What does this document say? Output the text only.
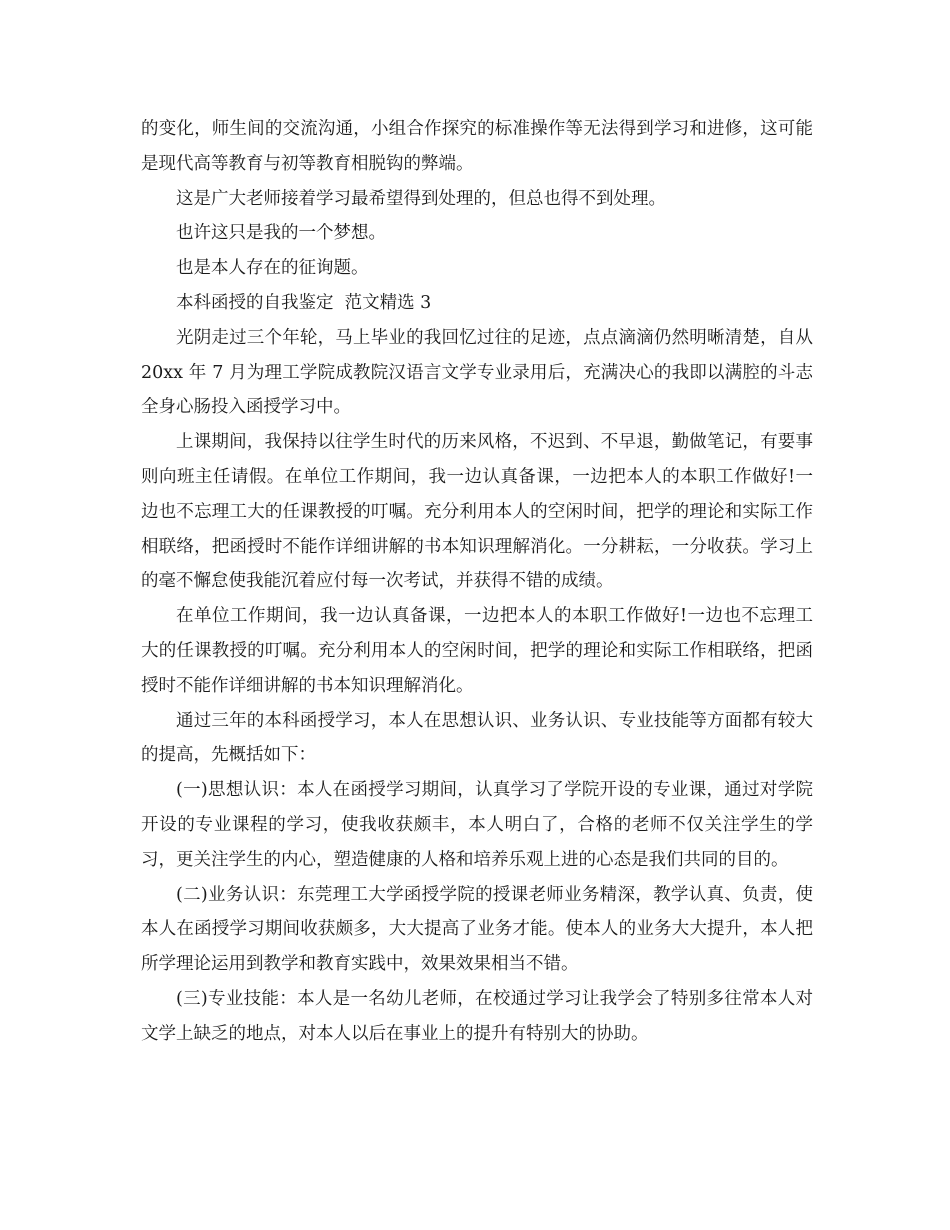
的变化，师生间的交流沟通，小组合作探究的标准操作等无法得到学习和进修，这可能是现代高等教育与初等教育相脱钩的弊端。

这是广大老师接着学习最希望得到处理的，但总也得不到处理。

也许这只是我的一个梦想。

也是本人存在的征询题。

本科函授的自我鉴定  范文精选 3

光阴走过三个年轮，马上毕业的我回忆过往的足迹，点点滴滴仍然明晰清楚，自从 20xx 年 7 月为理工学院成教院汉语言文学专业录用后，充满决心的我即以满腔的斗志全身心肠投入函授学习中。

上课期间，我保持以往学生时代的历来风格，不迟到、不早退，勤做笔记，有要事则向班主任请假。在单位工作期间，我一边认真备课，一边把本人的本职工作做好!一边也不忘理工大的任课教授的叮嘱。充分利用本人的空闲时间，把学的理论和实际工作相联络，把函授时不能作详细讲解的书本知识理解消化。一分耕耘，一分收获。学习上的毫不懈怠使我能沉着应付每一次考试，并获得不错的成绩。

在单位工作期间，我一边认真备课，一边把本人的本职工作做好!一边也不忘理工大的任课教授的叮嘱。充分利用本人的空闲时间，把学的理论和实际工作相联络，把函授时不能作详细讲解的书本知识理解消化。

通过三年的本科函授学习，本人在思想认识、业务认识、专业技能等方面都有较大的提高，先概括如下：

(一)思想认识：本人在函授学习期间，认真学习了学院开设的专业课，通过对学院开设的专业课程的学习，使我收获颇丰，本人明白了，合格的老师不仅关注学生的学习，更关注学生的内心，塑造健康的人格和培养乐观上进的心态是我们共同的目的。

(二)业务认识：东莞理工大学函授学院的授课老师业务精深，教学认真、负责，使本人在函授学习期间收获颇多，大大提高了业务才能。使本人的业务大大提升，本人把所学理论运用到教学和教育实践中，效果效果相当不错。

(三)专业技能：本人是一名幼儿老师，在校通过学习让我学会了特别多往常本人对文学上缺乏的地点，对本人以后在事业上的提升有特别大的协助。
